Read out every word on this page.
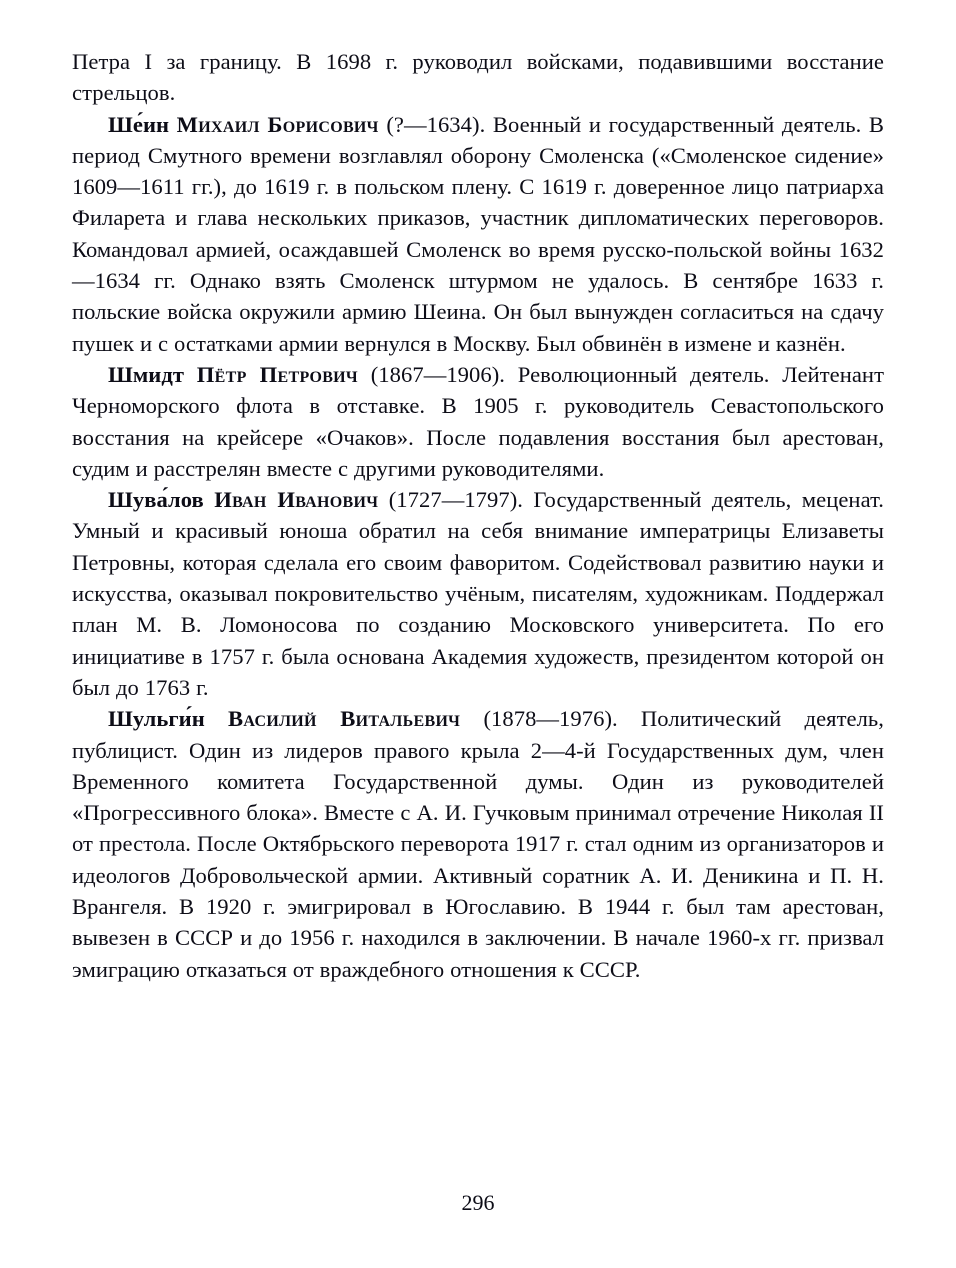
Петра I за границу. В 1698 г. руководил войсками, подавившими восстание стрельцов.

Ше́ин Михаил Борисович (?—1634). Военный и государственный деятель. В период Смутного времени возглавлял оборону Смоленска («Смоленское сидение» 1609—1611 гг.), до 1619 г. в польском плену. С 1619 г. доверенное лицо патриарха Филарета и глава нескольких приказов, участник дипломатических переговоров. Командовал армией, осаждавшей Смоленск во время русско-польской войны 1632—1634 гг. Однако взять Смоленск штурмом не удалось. В сентябре 1633 г. польские войска окружили армию Шеина. Он был вынужден согласиться на сдачу пушек и с остатками армии вернулся в Москву. Был обвинён в измене и казнён.

Шмидт Пётр Петрович (1867—1906). Революционный деятель. Лейтенант Черноморского флота в отставке. В 1905 г. руководитель Севастопольского восстания на крейсере «Очаков». После подавления восстания был арестован, судим и расстрелян вместе с другими руководителями.

Шува́лов Иван Иванович (1727—1797). Государственный деятель, меценат. Умный и красивый юноша обратил на себя внимание императрицы Елизаветы Петровны, которая сделала его своим фаворитом. Содействовал развитию науки и искусства, оказывал покровительство учёным, писателям, художникам. Поддержал план М. В. Ломоносова по созданию Московского университета. По его инициативе в 1757 г. была основана Академия художеств, президентом которой он был до 1763 г.

Шульги́н Василий Витальевич (1878—1976). Политический деятель, публицист. Один из лидеров правого крыла 2—4-й Государственных дум, член Временного комитета Государственной думы. Один из руководителей «Прогрессивного блока». Вместе с А. И. Гучковым принимал отречение Николая II от престола. После Октябрьского переворота 1917 г. стал одним из организаторов и идеологов Добровольческой армии. Активный соратник А. И. Деникина и П. Н. Врангеля. В 1920 г. эмигрировал в Югославию. В 1944 г. был там арестован, вывезен в СССР и до 1956 г. находился в заключении. В начале 1960-х гг. призвал эмиграцию отказаться от враждебного отношения к СССР.

296
